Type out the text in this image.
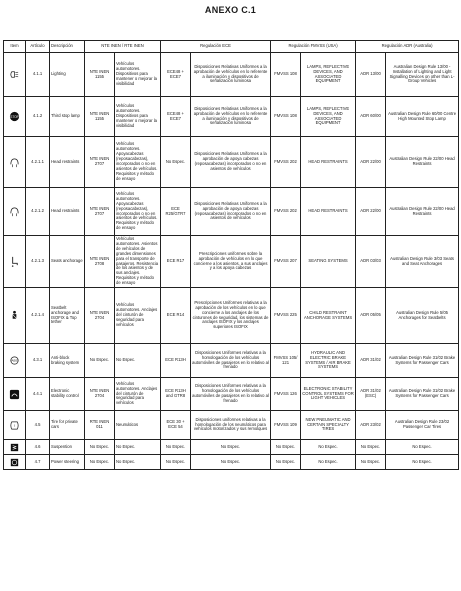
ANEXO C.1
Item	Artículo	Descripción	NTE INEN / RTE INEN		Regulación ECE		Regulación FMVSS (USA)		Regulación ADR (Australia)	
	4.1.1	Lighting	NTE INEN 1155	Vehículos automotores. Dispositivos para mantener o mejorar la visibilidad	ECE48 + ECE7	Disposiciones Relativas Uniformes a la aprobación de vehículos en lo referente a iluminación y dispositivos de señalización luminosa	FMVSS 108	LAMPS, REFLECTIVE DEVICES, AND ASSOCIATED EQUIPMENT	ADR 13/00	Australian Design Rule 13/00 - Installation of Lighting and Light Signalling Devices on other than L-Group Vehicles

STOP	4.1.2	Third stop lamp	NTE INEN 1155	Vehículos automotores. Dispositivos para mantener o mejorar la visibilidad	ECE48 + ECE7	Disposiciones Relativas Uniformes a la aprobación de vehículos en lo referente a iluminación y dispositivos de señalización luminosa	FMVSS 108	LAMPS, REFLECTIVE DEVICES, AND ASSOCIATED EQUIPMENT	ADR 60/00	Australian Design Rule 60/00 Centre High Mounted Stop Lamp
	4.2.1.1	Head restraints	NTE INEN 2707	Vehículos automotores. Apoyacabezas (reposacabezas), incorporados o no en asientos de vehículos. Requisitos y método de ensayo	No Espec.	Disposiciones Relativas Uniformes a la aprobación de apoya cabezas (reposacabezas) incorporados o no en asientos de vehículos	FMVSS 202	HEAD RESTRAINTS	ADR 22/00	Australian Design Rule 22/00 Head Restraints
	4.2.1.2	Head restraints	NTE INEN 2707	Vehículos automotores. Apoyacabezas (reposacabezas), incorporados o no en asientos de vehículos. Requisitos y método de ensayo	ECE R25/GTR7	Disposiciones Relativas Uniformes a la aprobación de apoya cabezas (reposacabezas) incorporados o no en asientos de vehículos	FMVSS 202	HEAD RESTRAINTS	ADR 22/00	Australian Design Rule 22/00 Head Restraints
	4.2.1.3	Seats anchorage	NTE INEN 2708	Vehículos automotores. Asientos de vehículos de grandes dimensiones para el transporte de pasajeros. Resistencia de los asientos y de sus anclajes. Requisitos y método de ensayo	ECE R17	Prescripciones uniformes sobre la aprobación de vehículos en lo que concierne a los asientos, a sus anclajes y a los apoya cabezas	FMVSS 207	SEATING SYSTEMS	ADR 03/03	Australian Design Rule 3/03 Seats and Seat Anchorages
	4.2.1.4	Seatbelt anchorage and ISOFIX & Top tether	NTE INEN 2704	Vehículos automotores. Anclajes del cinturón de seguridad para vehículos	ECE R14	Prescripciones Uniformes relativas a la aprobación de los vehículos en lo que concierne a los anclajes de los cinturones de seguridad, los sistemas de anclajes ISOFIX y los anclajes superiores ISOFIX	FMVSS 225	CHILD RESTRAINT ANCHORAGE SYSTEMS	ADR 05/05	Australian Design Rule 5/05 Anchorages for Seatbelts

ABS	4.3.1	Anti-block braking system	No Espec.	No Espec.	ECE R13H	Disposiciones Uniformes relativas a la homologación de los vehículos automóviles de pasajeros en lo relativo al frenado	FMVSS 105/ 121	HYDRAULIC AND ELECTRIC BRAKE SYSTEMS / AIR BRAKE SYSTEMS	ADR 31/02	Australian Design Rule 31/02 Brake Systems for Passenger Cars
	4.4.1	Electronic stability control	NTE INEN 2704	Vehículos automotores. Anclajes del cinturón de seguridad para vehículos	ECE R13H and GTR8	Disposiciones Uniformes relativas a la homologación de los vehículos automóviles de pasajeros en lo relativo al frenado	FMVSS 126	ELECTRONIC STABILITY CONTROL SYSTEMS FOR LIGHT VEHICLES	ADR 31/02 (ESC)	Australian Design Rule 31/02 Brake Systems for Passenger Cars

!	4.5	Tire for private cars	RTE INEN 011	Neumáticos	ECE 30 + ECE 54	Disposiciones uniformes relativas a la homologación de los neumáticos para vehículos motorizados y sus remolques	FMVSS 109	NEW PNEUMATIC AND CERTAIN SPECIALTY TIRES	ADR 23/02	Australian Design Rule 23/02 Passenger Car Tires
	4.6	Suspention	No Espec.	No Espec.	No Espec.	No Espec.	No Espec.	No Espec.	No Espec.	No Espec.
	4.7	Power steering	No Espec.	No Espec.	No Espec.	No Espec.	No Espec.	No Espec.	No Espec.	No Espec.
